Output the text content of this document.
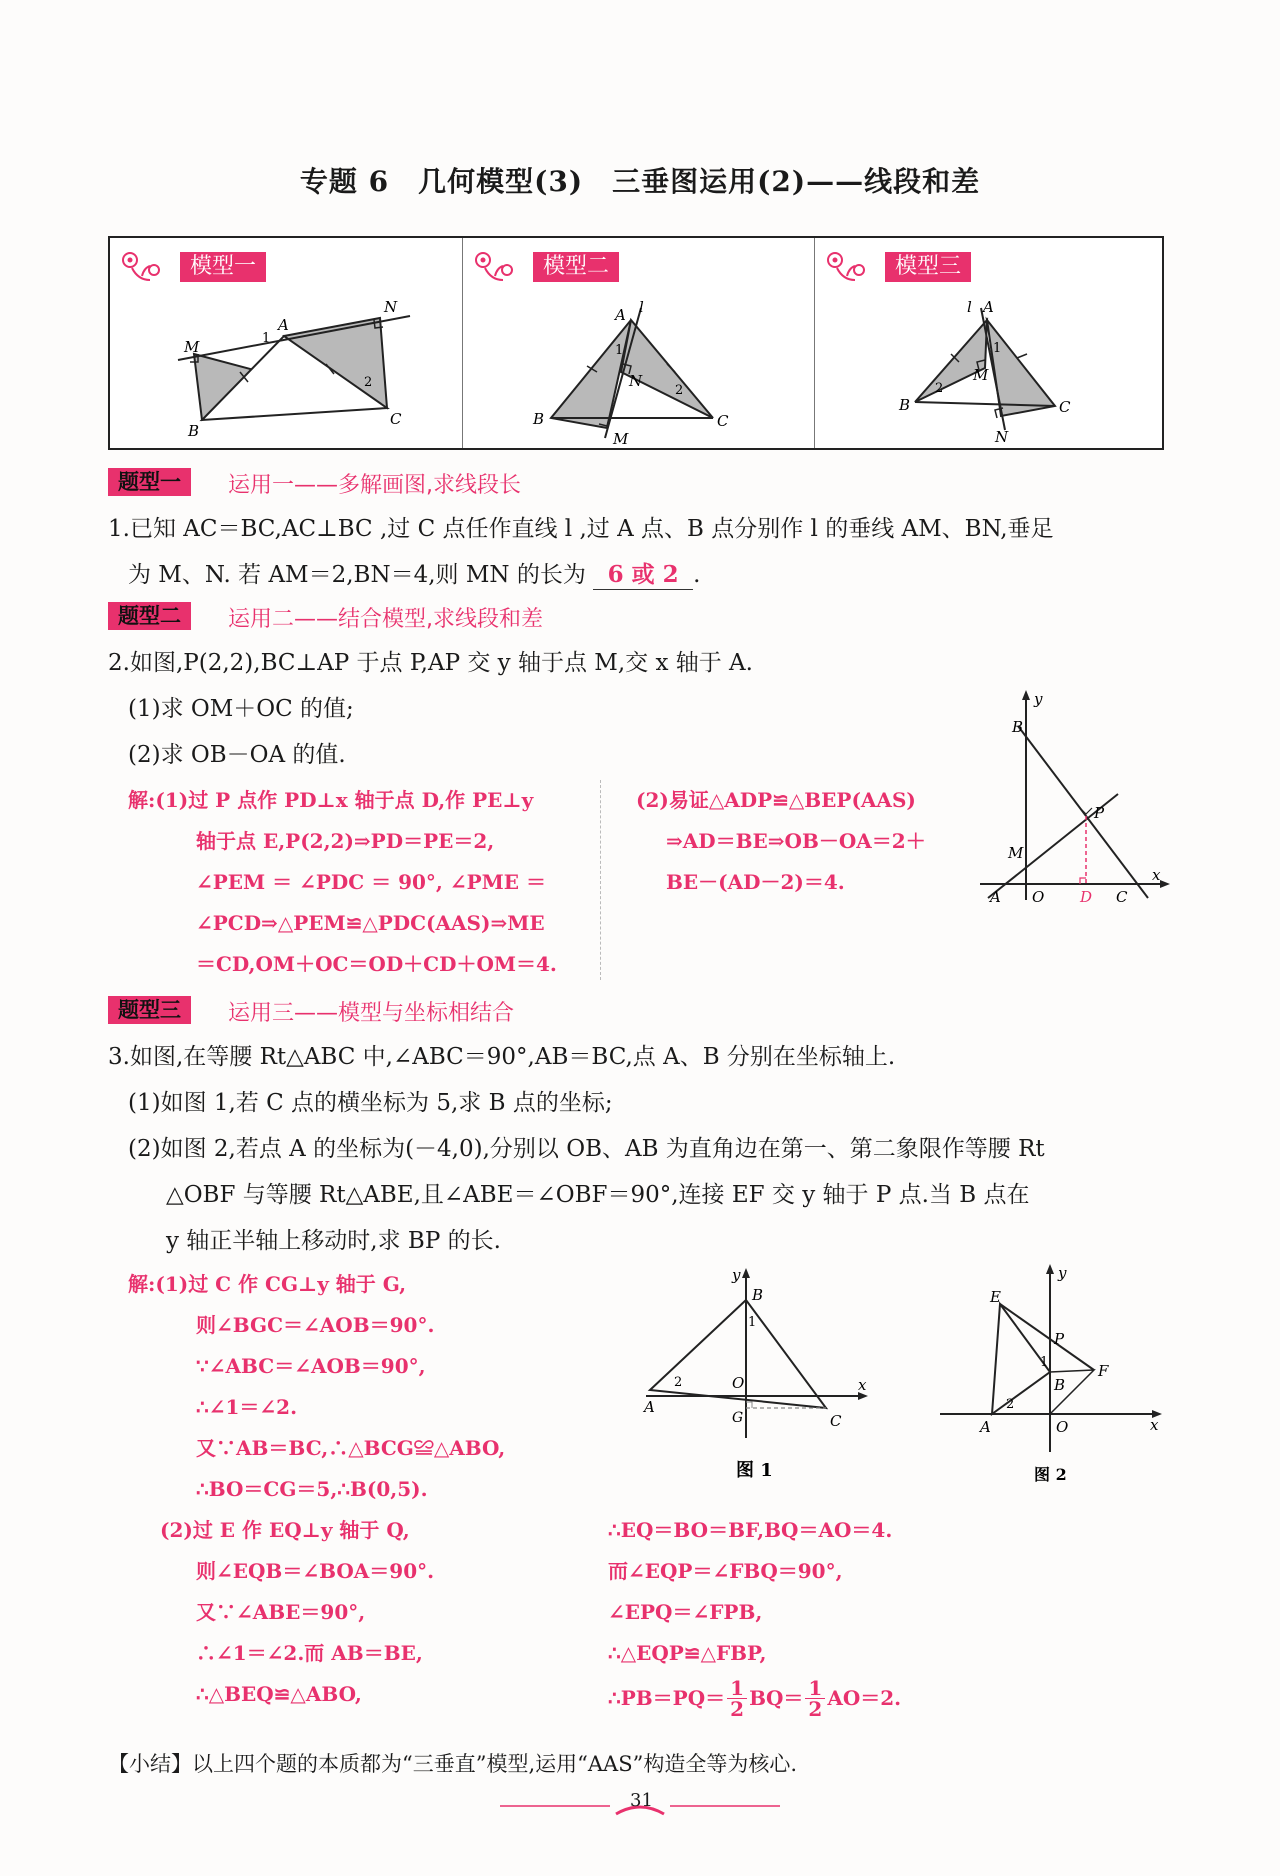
专题 6　几何模型(3)　三垂图运用(2)——线段和差
模型一
M
A
N
B
C
1
2
模型二
A l
N
B
M
C
1
2
模型三
l A
M
B
N
C
1
2
题型一	运用一——多解画图,求线段长
1.已知 AC＝BC,AC⊥BC ,过 C 点任作直线 l ,过 A 点、B 点分别作 l 的垂线 AM、BN,垂足
为 M、N. 若 AM＝2,BN＝4,则 MN 的长为 6 或 2 .
题型二	运用二——结合模型,求线段和差
2.如图,P(2,2),BC⊥AP 于点 P,AP 交 y 轴于点 M,交 x 轴于 A.
(1)求 OM＋OC 的值;
(2)求 OB－OA 的值.
解:(1)过 P 点作 PD⊥x 轴于点 D,作 PE⊥y
轴于点 E,P(2,2)⇒PD＝PE＝2,
∠PEM ＝ ∠PDC ＝ 90°, ∠PME ＝
∠PCD⇒△PEM≌△PDC(AAS)⇒ME
＝CD,OM＋OC＝OD＋CD＋OM＝4.
(2)易证△ADP≌△BEP(AAS)
⇒AD＝BE⇒OB－OA＝2＋
BE－(AD－2)＝4.
y
B
P
M
A O D C
x
题型三	运用三——模型与坐标相结合
3.如图,在等腰 Rt△ABC 中,∠ABC＝90°,AB＝BC,点 A、B 分别在坐标轴上.
(1)如图 1,若 C 点的横坐标为 5,求 B 点的坐标;
(2)如图 2,若点 A 的坐标为(－4,0),分别以 OB、AB 为直角边在第一、第二象限作等腰 Rt
△OBF 与等腰 Rt△ABE,且∠ABE＝∠OBF＝90°,连接 EF 交 y 轴于 P 点.当 B 点在
y 轴正半轴上移动时,求 BP 的长.
解:(1)过 C 作 CG⊥y 轴于 G,
则∠BGC＝∠AOB＝90°.
∵∠ABC＝∠AOB＝90°,
∴∠1＝∠2.
又∵AB＝BC,∴△BCG≌△ABO,
∴BO＝CG＝5,∴B(0,5).
y
B
1
2	O
A
G	C
x
图 1
y
E
P
1	F
B
2
A	O	x
图 2
(2)过 E 作 EQ⊥y 轴于 Q,
则∠EQB＝∠BOA＝90°.
又∵∠ABE＝90°,
∴∠1＝∠2.而 AB＝BE,
∴△BEQ≌△ABO,
∴EQ＝BO＝BF,BQ＝AO＝4.
而∠EQP＝∠FBQ＝90°,
∠EPQ＝∠FPB,
∴△EQP≌△FBP,
∴PB＝PQ＝ $\frac{1}{2} BQ= \frac{1}{2} AO=2$.
【小结】以上四个题的本质都为“三垂直”模型,运用“AAS”构造全等为核心.
31
